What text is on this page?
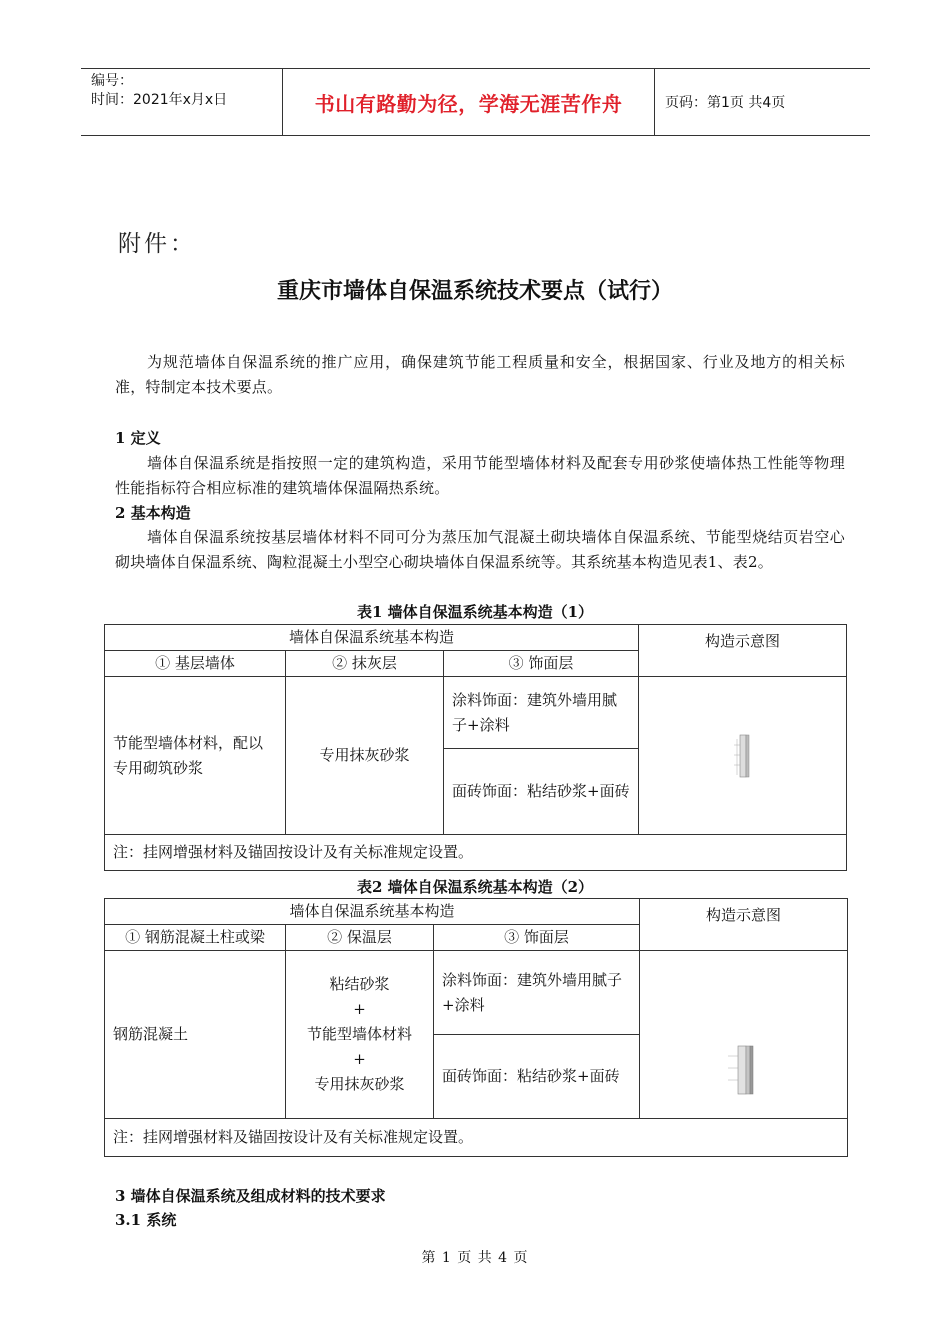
编号：
时间：2021年x月x日	书山有路勤为径，学海无涯苦作舟	页码：第1页 共4页
附件：
重庆市墙体自保温系统技术要点（试行）
为规范墙体自保温系统的推广应用，确保建筑节能工程质量和安全，根据国家、行业及地方的相关标准，特制定本技术要点。
1 定义
墙体自保温系统是指按照一定的建筑构造，采用节能型墙体材料及配套专用砂浆使墙体热工性能等物理性能指标符合相应标准的建筑墙体保温隔热系统。
2 基本构造
墙体自保温系统按基层墙体材料不同可分为蒸压加气混凝土砌块墙体自保温系统、节能型烧结页岩空心砌块墙体自保温系统、陶粒混凝土小型空心砌块墙体自保温系统等。其系统基本构造见表1、表2。
表1 墙体自保温系统基本构造（1）
墙体自保温系统基本构造			构造示意图
① 基层墙体	② 抹灰层	③ 饰面层	
节能型墙体材料，配以专用砌筑砂浆	专用抹灰砂浆	涂料饰面：建筑外墙用腻子+涂料	

		面砖饰面：粘结砂浆+面砖	
注：挂网增强材料及锚固按设计及有关标准规定设置。			
表2 墙体自保温系统基本构造（2）
墙体自保温系统基本构造			构造示意图
① 钢筋混凝土柱或梁	② 保温层	③ 饰面层	
钢筋混凝土	粘结砂浆
+
节能型墙体材料
+
专用抹灰砂浆	涂料饰面：建筑外墙用腻子+涂料	

		面砖饰面：粘结砂浆+面砖	
注：挂网增强材料及锚固按设计及有关标准规定设置。			
3 墙体自保温系统及组成材料的技术要求
3.1 系统
第 1 页 共 4 页
